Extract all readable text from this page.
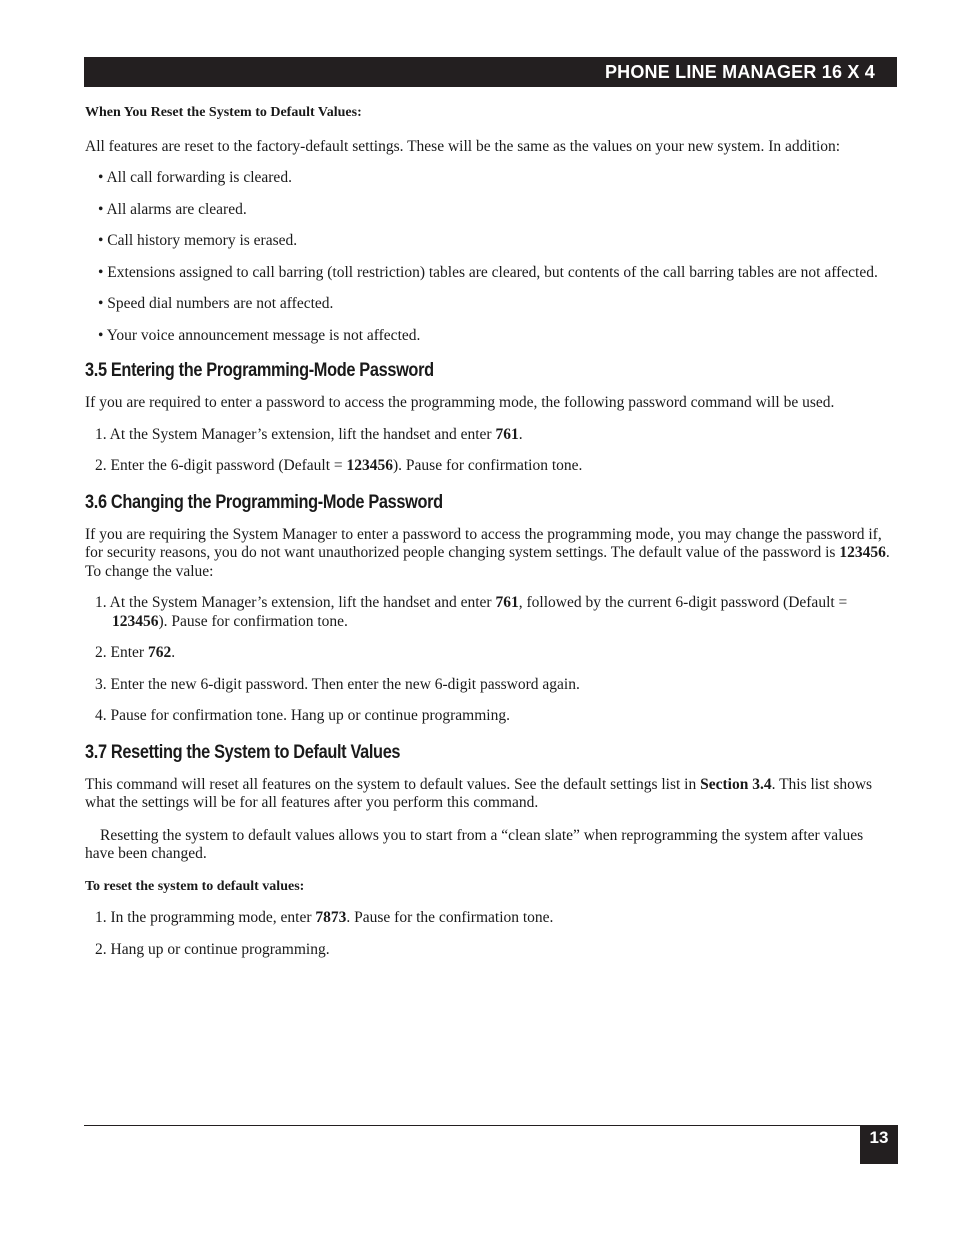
PHONE LINE MANAGER 16 X 4

When You Reset the System to Default Values:

All features are reset to the factory-default settings. These will be the same as the values on your new system. In addition:

• All call forwarding is cleared.

• All alarms are cleared.

• Call history memory is erased.

• Extensions assigned to call barring (toll restriction) tables are cleared, but contents of the call barring tables are not affected.

• Speed dial numbers are not affected.

• Your voice announcement message is not affected.

3.5 Entering the Programming-Mode Password

If you are required to enter a password to access the programming mode, the following password command will be used.

1. At the System Manager’s extension, lift the handset and enter 761.

2. Enter the 6-digit password (Default = 123456). Pause for confirmation tone.

3.6 Changing the Programming-Mode Password

If you are requiring the System Manager to enter a password to access the programming mode, you may change the password if, for security reasons, you do not want unauthorized people changing system settings. The default value of the password is 123456. To change the value:

1. At the System Manager’s extension, lift the handset and enter 761, followed by the current 6-digit password (Default = 123456). Pause for confirmation tone.

2. Enter 762.

3. Enter the new 6-digit password. Then enter the new 6-digit password again.

4. Pause for confirmation tone. Hang up or continue programming.

3.7 Resetting the System to Default Values

This command will reset all features on the system to default values. See the default settings list in Section 3.4. This list shows what the settings will be for all features after you perform this command.

Resetting the system to default values allows you to start from a “clean slate” when reprogramming the system after values have been changed.

To reset the system to default values:

1. In the programming mode, enter 7873. Pause for the confirmation tone.

2. Hang up or continue programming.

13
